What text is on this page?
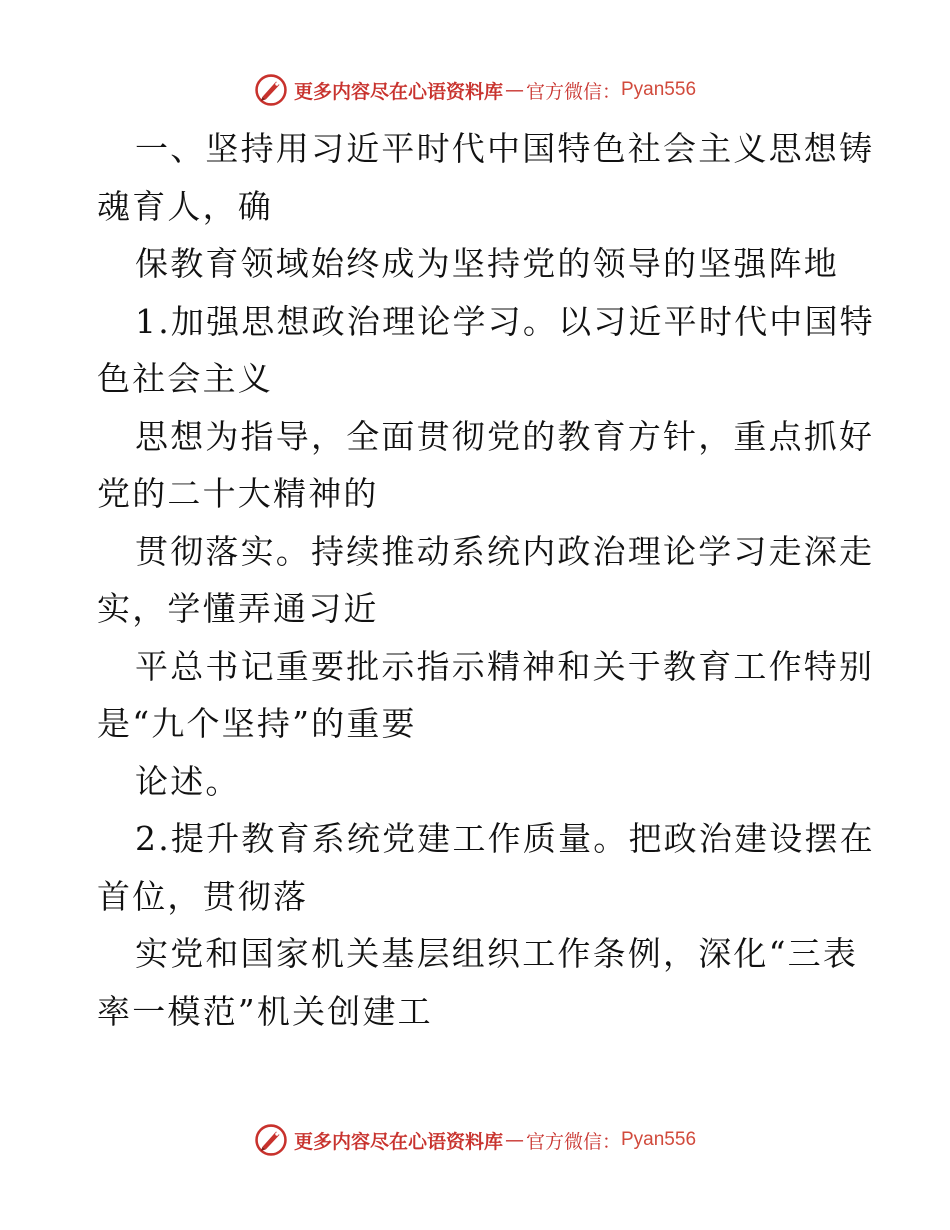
更多内容尽在心语资料库 — 官方微信： Pyan556

一、坚持用习近平时代中国特色社会主义思想铸

魂育人，确

保教育领域始终成为坚持党的领导的坚强阵地

1.加强思想政治理论学习。以习近平时代中国特

色社会主义

思想为指导，全面贯彻党的教育方针，重点抓好

党的二十大精神的

贯彻落实。持续推动系统内政治理论学习走深走

实，学懂弄通习近

平总书记重要批示指示精神和关于教育工作特别

是“九个坚持”的重要

论述。

2.提升教育系统党建工作质量。把政治建设摆在

首位，贯彻落

实党和国家机关基层组织工作条例，深化“三表

率一模范”机关创建工

更多内容尽在心语资料库 — 官方微信： Pyan556
